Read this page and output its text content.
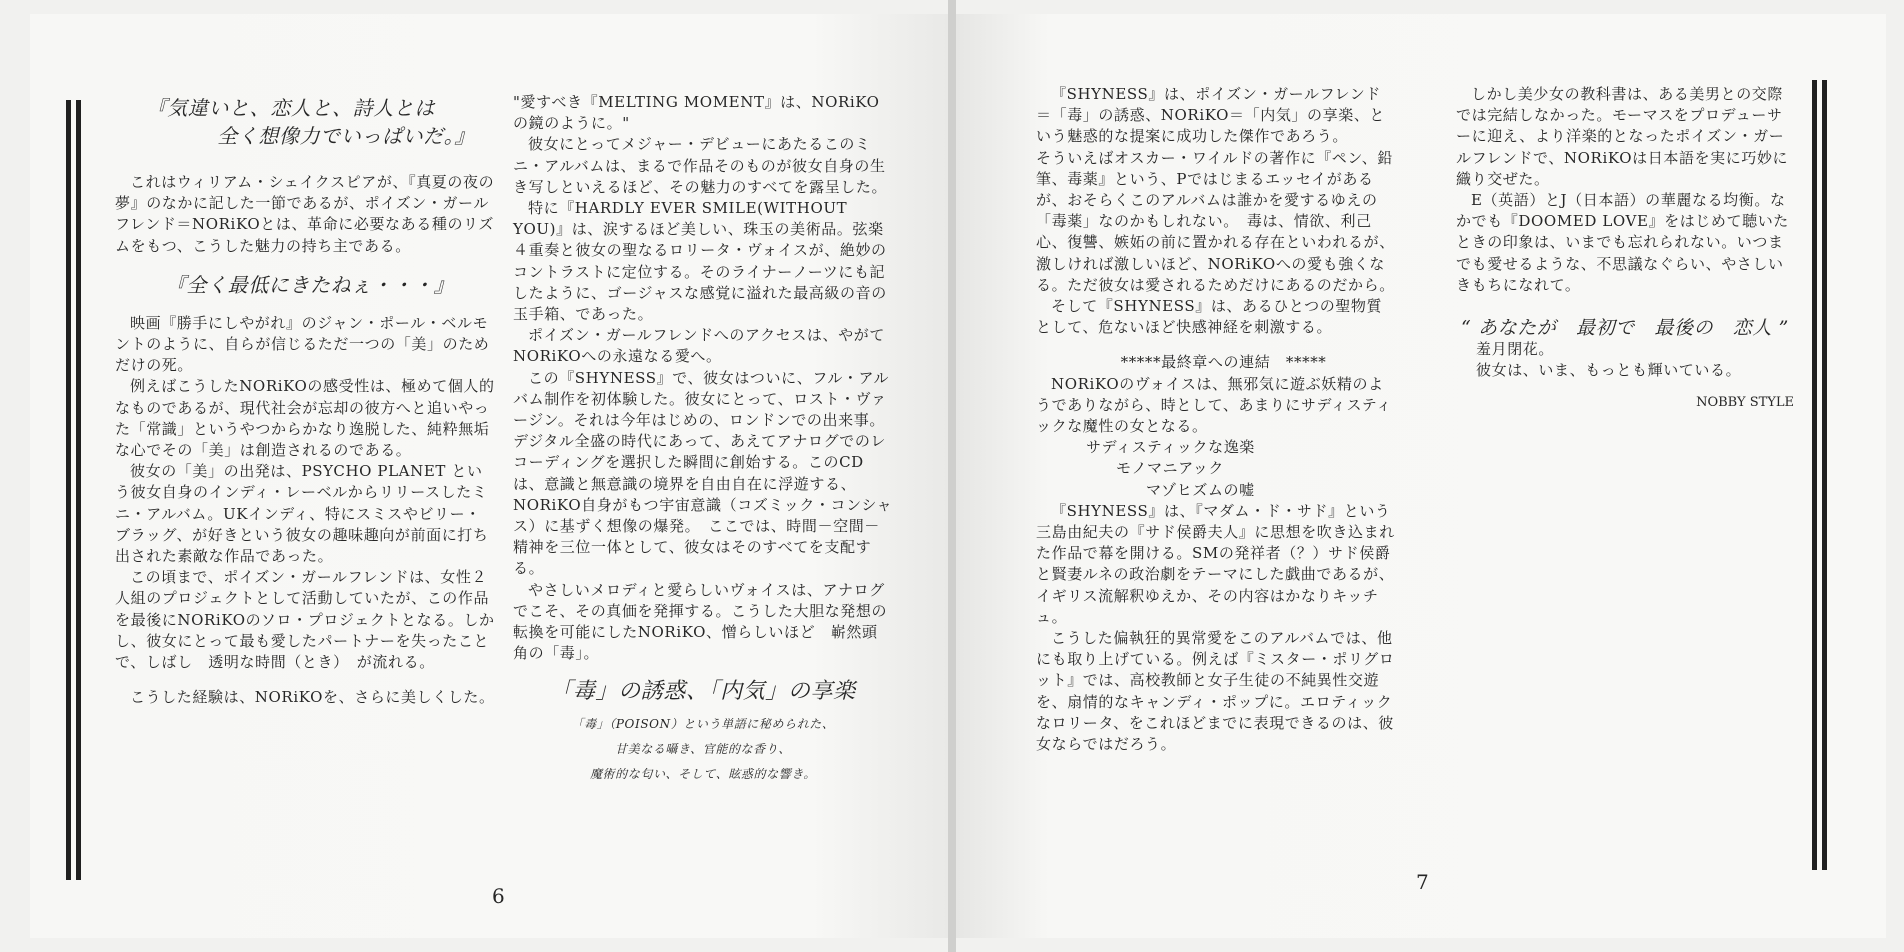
『気違いと、恋人と、詩人とは
全く想像力でいっぱいだ。』

これはウィリアム・シェイクスピアが、『真夏の夜の夢』のなかに記した一節であるが、ポイズン・ガールフレンド＝NORiKOとは、革命に必要なある種のリズムをもつ、こうした魅力の持ち主である。

『全く最低にきたねぇ・・・』

映画『勝手にしやがれ』のジャン・ポール・ベルモントのように、自らが信じるただ一つの「美」のためだけの死。

例えばこうしたNORiKOの感受性は、極めて個人的なものであるが、現代社会が忘却の彼方へと追いやった「常識」というやつからかなり逸脱した、純粋無垢な心でその「美」は創造されるのである。

彼女の「美」の出発は、PSYCHO PLANET という彼女自身のインディ・レーベルからリリースしたミニ・アルバム。UKインディ、特にスミスやビリー・ブラッグ、が好きという彼女の趣味趣向が前面に打ち出された素敵な作品であった。

この頃まで、ポイズン・ガールフレンドは、女性２人組のプロジェクトとして活動していたが、この作品を最後にNORiKOのソロ・プロジェクトとなる。しかし、彼女にとって最も愛したパートナーを失ったことで、しばし　透明な時間（とき）　が流れる。

こうした経験は、NORiKOを、さらに美しくした。

"愛すべき『MELTING MOMENT』は、NORiKOの鏡のように。"

彼女にとってメジャー・デビューにあたるこのミニ・アルバムは、まるで作品そのものが彼女自身の生き写しといえるほど、その魅力のすべてを露呈した。

特に『HARDLY EVER SMILE(WITHOUT YOU)』は、涙するほど美しい、珠玉の美術品。弦楽４重奏と彼女の聖なるロリータ・ヴォイスが、絶妙のコントラストに定位する。そのライナーノーツにも記したように、ゴージャスな感覚に溢れた最高級の音の玉手箱、であった。

ポイズン・ガールフレンドへのアクセスは、やがてNORiKOへの永遠なる愛へ。

この『SHYNESS』で、彼女はついに、フル・アルバム制作を初体験した。彼女にとって、ロスト・ヴァージン。それは今年はじめの、ロンドンでの出来事。デジタル全盛の時代にあって、あえてアナログでのレコーディングを選択した瞬間に創始する。このCDは、意識と無意識の境界を自由自在に浮遊する、NORiKO自身がもつ宇宙意識（コズミック・コンシャス）に基ずく想像の爆発。　ここでは、時間－空間－精神を三位一体として、彼女はそのすべてを支配する。

やさしいメロディと愛らしいヴォイスは、アナログでこそ、その真価を発揮する。こうした大胆な発想の転換を可能にしたNORiKO、憎らしいほど　嶄然頭角の「毒」。

「毒」の誘惑、「内気」の享楽
「毒」（POISON）という単語に秘められた、
甘美なる囁き、官能的な香り、
魔術的な匂い、そして、眩惑的な響き。
6

『SHYNESS』は、ポイズン・ガールフレンド＝「毒」の誘惑、NORiKO＝「内気」の享楽、という魅惑的な提案に成功した傑作であろう。

そういえばオスカー・ワイルドの著作に『ペン、鉛筆、毒薬』という、Pではじまるエッセイがあるが、おそらくこのアルバムは誰かを愛するゆえの「毒薬」なのかもしれない。　毒は、情欲、利己心、復讐、嫉妬の前に置かれる存在といわれるが、激しければ激しいほど、NORiKOへの愛も強くなる。ただ彼女は愛されるためだけにあるのだから。

そして『SHYNESS』は、あるひとつの聖物質として、危ないほど快感神経を刺激する。

*****最終章への連結　*****

NORiKOのヴォイスは、無邪気に遊ぶ妖精のようでありながら、時として、あまりにサディスティックな魔性の女となる。

サディスティックな逸楽
モノマニアック
マゾヒズムの嘘

『SHYNESS』は、『マダム・ド・サド』という三島由紀夫の『サド侯爵夫人』に思想を吹き込まれた作品で幕を開ける。SMの発祥者（？）サド侯爵と賢妻ルネの政治劇をテーマにした戯曲であるが、イギリス流解釈ゆえか、その内容はかなりキッチュ。

こうした偏執狂的異常愛をこのアルバムでは、他にも取り上げている。例えば『ミスター・ポリグロット』では、高校教師と女子生徒の不純異性交遊を、扇情的なキャンディ・ポップに。エロティックなロリータ、をこれほどまでに表現できるのは、彼女ならではだろう。

しかし美少女の教科書は、ある美男との交際では完結しなかった。モーマスをプロデューサーに迎え、より洋楽的となったポイズン・ガールフレンドで、NORiKOは日本語を実に巧妙に織り交ぜた。

E（英語）とJ（日本語）の華麗なる均衡。なかでも『DOOMED LOVE』をはじめて聴いたときの印象は、いまでも忘れられない。いつまでも愛せるような、不思議なぐらい、やさしいきもちになれて。

“ あなたが　最初で　最後の　恋人 ”
羞月閉花。
彼女は、いま、もっとも輝いている。
NOBBY STYLE
7
